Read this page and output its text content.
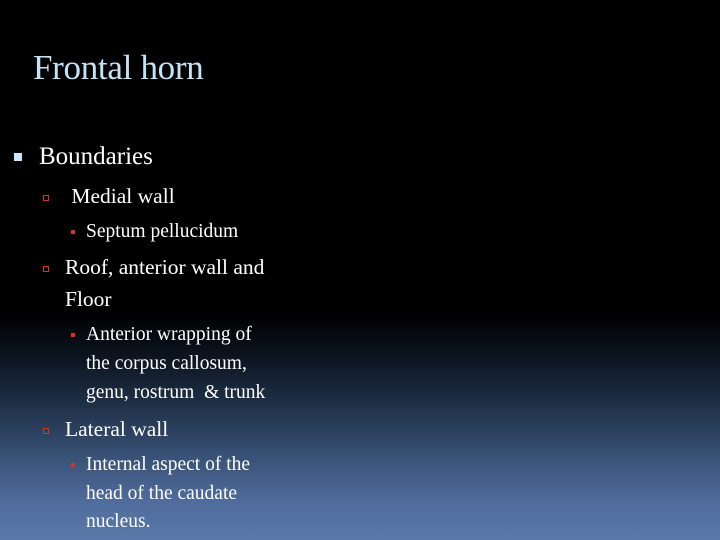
Frontal horn
Boundaries
Medial wall
Septum pellucidum
Roof, anterior wall and
Floor
Anterior wrapping of
the corpus callosum,
genu, rostrum  & trunk
Lateral wall
Internal aspect of the
head of the caudate
nucleus.
